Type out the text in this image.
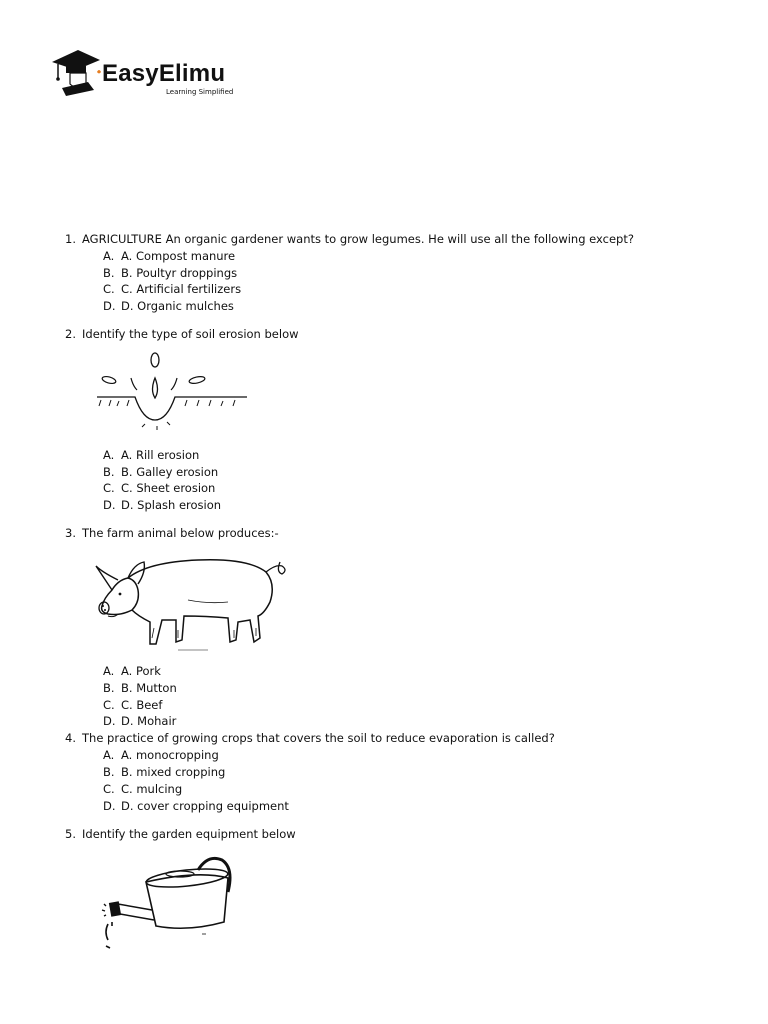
EasyElimu
Learning Simplified
1. AGRICULTURE An organic gardener wants to grow legumes. He will use all the following except?
A. A. Compost manure
B. B. Poultyr droppings
C. C. Artificial fertilizers
D. D. Organic mulches
2. Identify the type of soil erosion below
A. A. Rill erosion
B. B. Galley erosion
C. C. Sheet erosion
D. D. Splash erosion
3. The farm animal below produces:-
A. A. Pork
B. B. Mutton
C. C. Beef
D. D. Mohair
4. The practice of growing crops that covers the soil to reduce evaporation is called?
A. A. monocropping
B. B. mixed cropping
C. C. mulcing
D. D. cover cropping equipment
5. Identify the garden equipment below
